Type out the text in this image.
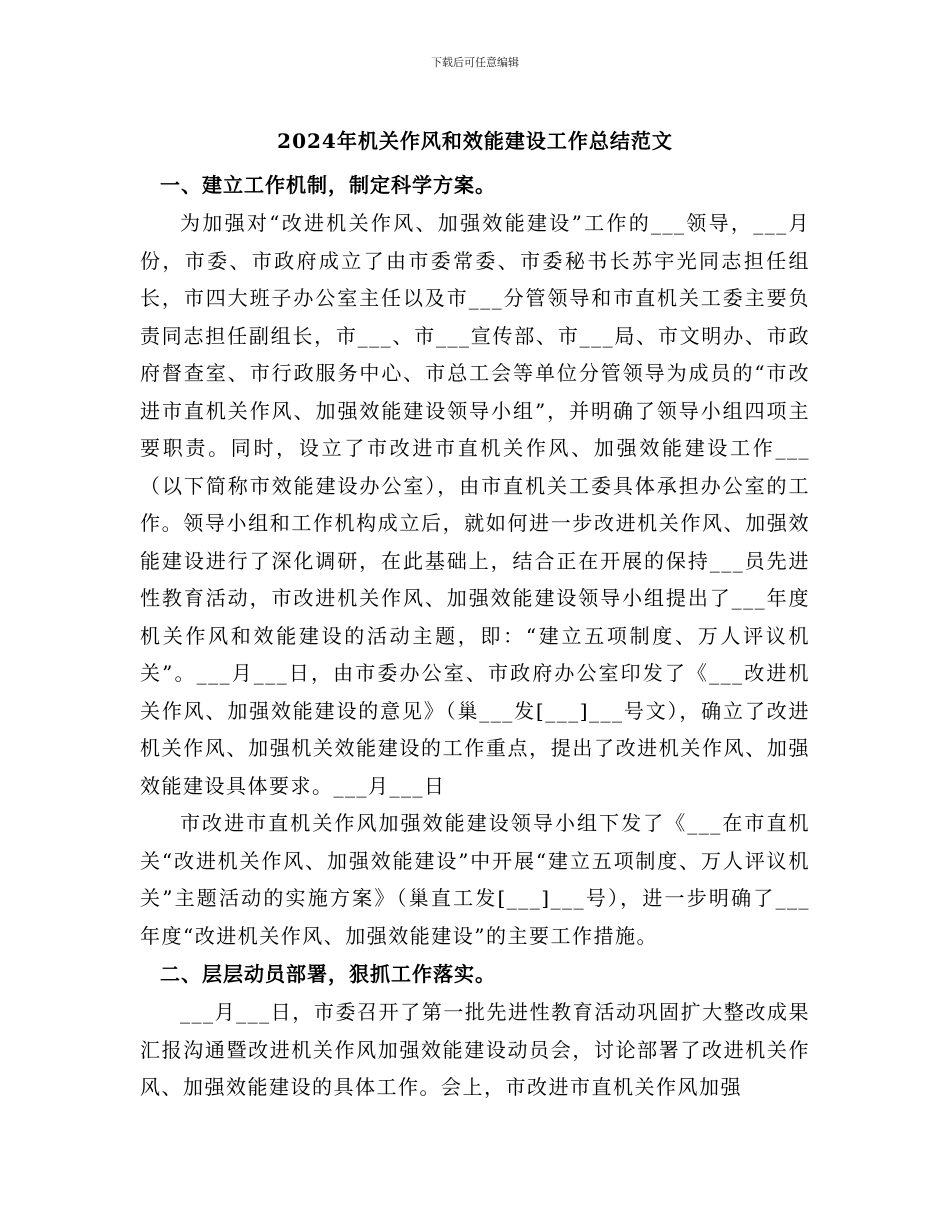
下载后可任意编辑
2024年机关作风和效能建设工作总结范文
一、建立工作机制，制定科学方案。

为加强对“改进机关作风、加强效能建设”工作的___领导，___月份，市委、市政府成立了由市委常委、市委秘书长苏宇光同志担任组长，市四大班子办公室主任以及市___分管领导和市直机关工委主要负责同志担任副组长，市___、市___宣传部、市___局、市文明办、市政府督查室、市行政服务中心、市总工会等单位分管领导为成员的“市改进市直机关作风、加强效能建设领导小组”，并明确了领导小组四项主要职责。同时，设立了市改进市直机关作风、加强效能建设工作___（以下简称市效能建设办公室），由市直机关工委具体承担办公室的工作。领导小组和工作机构成立后，就如何进一步改进机关作风、加强效能建设进行了深化调研，在此基础上，结合正在开展的保持___员先进性教育活动，市改进机关作风、加强效能建设领导小组提出了___年度机关作风和效能建设的活动主题，即：“建立五项制度、万人评议机关”。___月___日，由市委办公室、市政府办公室印发了《___改进机关作风、加强效能建设的意见》（巢___发[___]___号文），确立了改进机关作风、加强机关效能建设的工作重点，提出了改进机关作风、加强效能建设具体要求。___月___日

市改进市直机关作风加强效能建设领导小组下发了《___在市直机关“改进机关作风、加强效能建设”中开展“建立五项制度、万人评议机关”主题活动的实施方案》（巢直工发[___]___号），进一步明确了___年度“改进机关作风、加强效能建设”的主要工作措施。

二、层层动员部署，狠抓工作落实。

___月___日，市委召开了第一批先进性教育活动巩固扩大整改成果汇报沟通暨改进机关作风加强效能建设动员会，讨论部署了改进机关作风、加强效能建设的具体工作。会上，市改进市直机关作风加强
